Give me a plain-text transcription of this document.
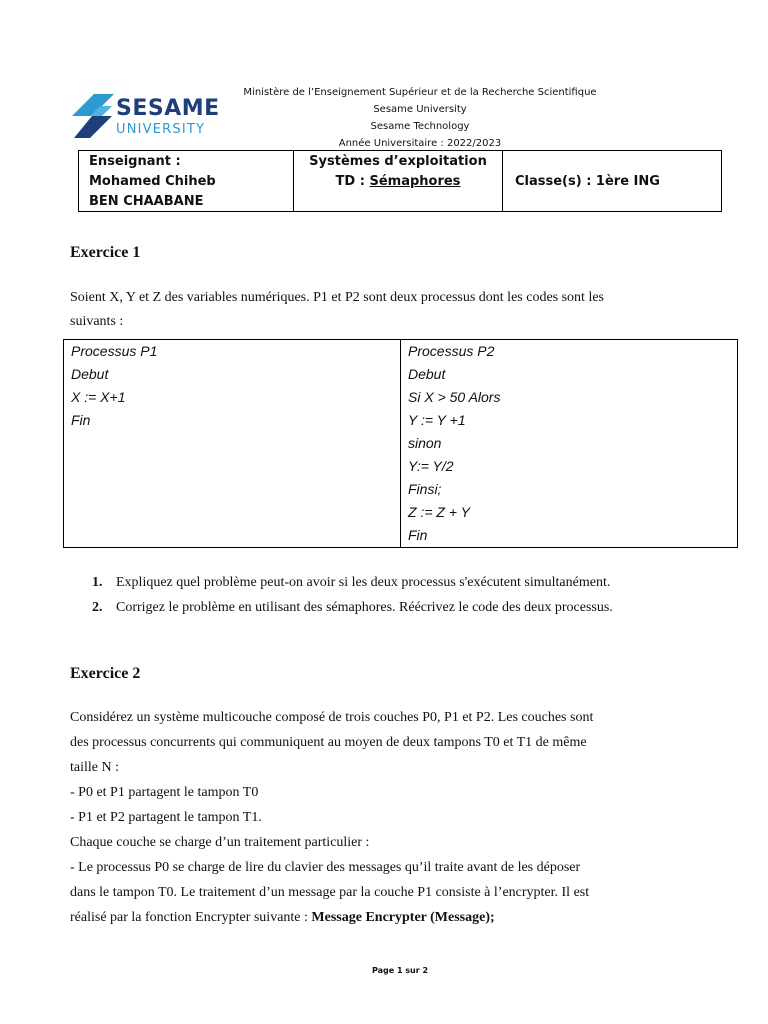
Ministère de l’Enseignement Supérieur et de la Recherche Scientifique
Sesame University
Sesame Technology
Année Universitaire : 2022/2023
SESAME
UNIVERSITY
Enseignant :
Mohamed Chiheb
BEN CHAABANE
Systèmes d’exploitation
TD : Sémaphores	Classe(s) : 1ère ING
Exercice 1
Soient X, Y et Z des variables numériques. P1 et P2 sont deux processus dont les codes sont les
suivants :
Processus P1
Debut
X := X+1
Fin
Processus P2
Debut
Si X > 50 Alors
Y := Y +1
sinon
Y:= Y/2
Finsi;
Z := Z + Y
Fin
1. Expliquez quel problème peut-on avoir si les deux processus s'exécutent simultanément.
2. Corrigez le problème en utilisant des sémaphores. Réécrivez le code des deux processus.
Exercice 2
Considérez un système multicouche composé de trois couches P0, P1 et P2. Les couches sont
des processus concurrents qui communiquent au moyen de deux tampons T0 et T1 de même
taille N :
- P0 et P1 partagent le tampon T0
- P1 et P2 partagent le tampon T1.
Chaque couche se charge d’un traitement particulier :
- Le processus P0 se charge de lire du clavier des messages qu’il traite avant de les déposer
dans le tampon T0. Le traitement d’un message par la couche P1 consiste à l’encrypter. Il est
réalisé par la fonction Encrypter suivante : Message Encrypter (Message);
Page 1 sur 2
